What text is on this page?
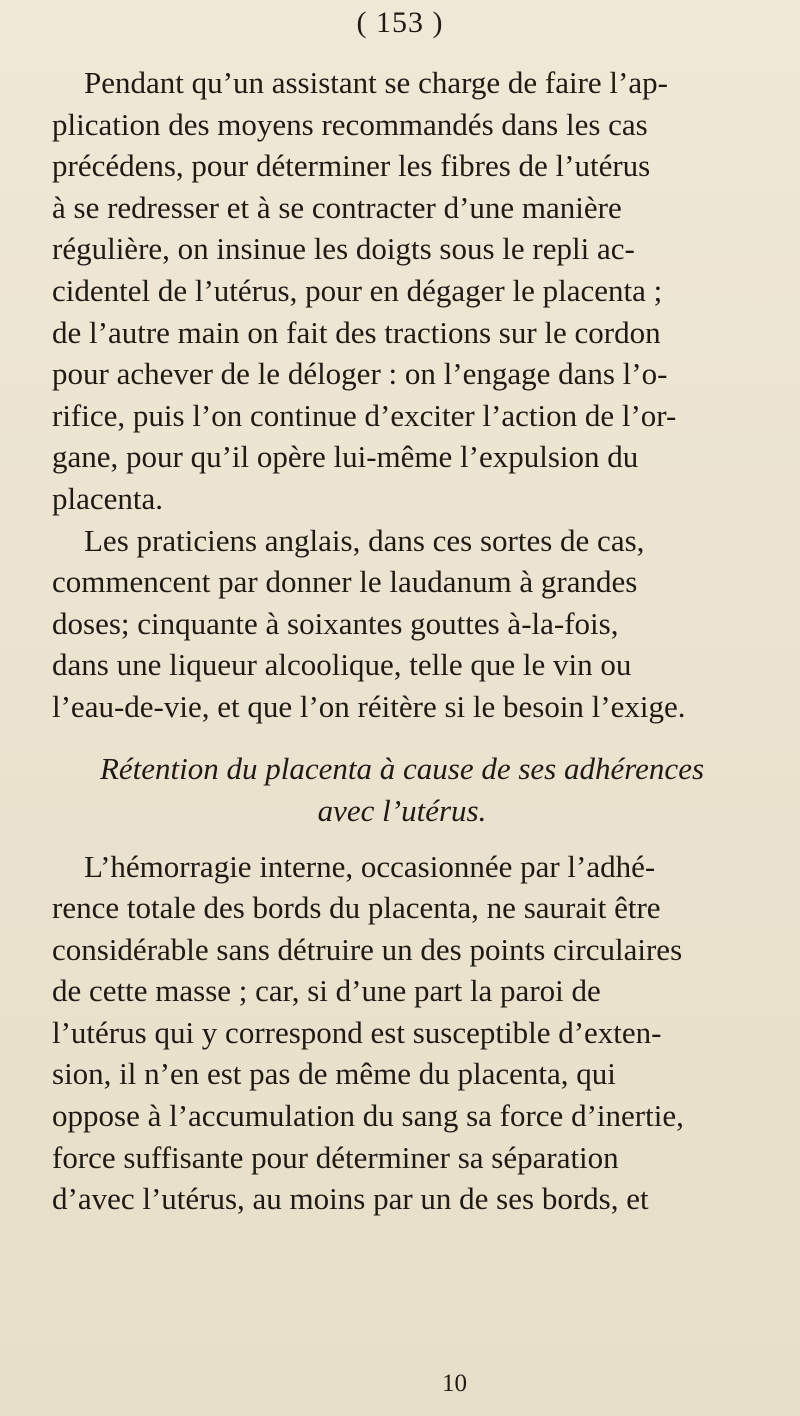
( 153 )
Pendant qu’un assistant se charge de faire l’ap-
plication des moyens recommandés dans les cas
précédens, pour déterminer les fibres de l’utérus
à se redresser et à se contracter d’une manière
régulière, on insinue les doigts sous le repli ac-
cidentel de l’utérus, pour en dégager le placenta ;
de l’autre main on fait des tractions sur le cordon
pour achever de le déloger : on l’engage dans l’o-
rifice, puis l’on continue d’exciter l’action de l’or-
gane, pour qu’il opère lui-même l’expulsion du
placenta.
Les praticiens anglais, dans ces sortes de cas,
commencent par donner le laudanum à grandes
doses; cinquante à soixantes gouttes à-la-fois,
dans une liqueur alcoolique, telle que le vin ou
l’eau-de-vie, et que l’on réitère si le besoin l’exige.
Rétention du placenta à cause de ses adhérences
avec l’utérus.
L’hémorragie interne, occasionnée par l’adhé-
rence totale des bords du placenta, ne saurait être
considérable sans détruire un des points circulaires
de cette masse ; car, si d’une part la paroi de
l’utérus qui y correspond est susceptible d’exten-
sion, il n’en est pas de même du placenta, qui
oppose à l’accumulation du sang sa force d’inertie,
force suffisante pour déterminer sa séparation
d’avec l’utérus, au moins par un de ses bords, et
10
